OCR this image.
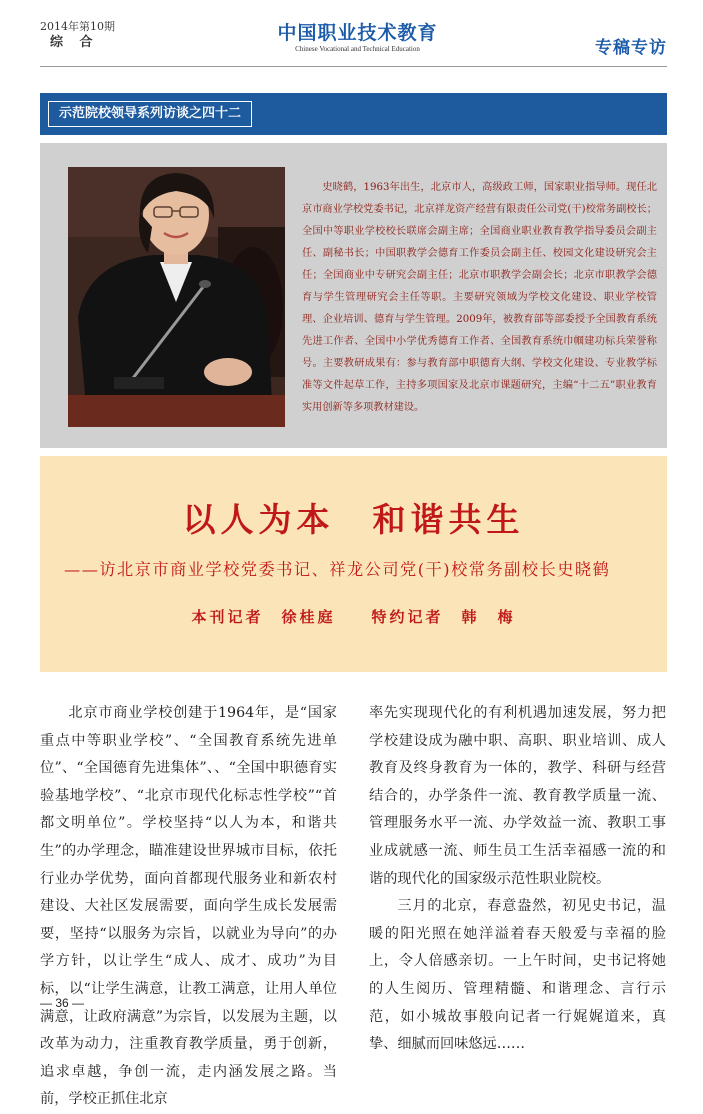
2014年第10期
综 合	中国职业技术教育
Chinese Vocational and Technical Education	专稿专访
示范院校领导系列访谈之四十二
史晓鹤，1963年出生，北京市人，高级政工师，国家职业指导师。现任北京市商业学校党委书记，北京祥龙资产经营有限责任公司党(干)校常务副校长；全国中等职业学校校长联席会副主席；全国商业职业教育教学指导委员会副主任、副秘书长；中国职教学会德育工作委员会副主任、校园文化建设研究会主任；全国商业中专研究会副主任；北京市职教学会副会长；北京市职教学会德育与学生管理研究会主任等职。主要研究领域为学校文化建设、职业学校管理、企业培训、德育与学生管理。2009年，被教育部等部委授予全国教育系统先进工作者、全国中小学优秀德育工作者、全国教育系统巾帼建功标兵荣誉称号。主要教研成果有：参与教育部中职德育大纲、学校文化建设、专业教学标准等文件起草工作，主持多项国家及北京市课题研究，主编“十二五”职业教育实用创新等多项教材建设。
以人为本　和谐共生
——访北京市商业学校党委书记、祥龙公司党(干)校常务副校长史晓鹤
本刊记者　徐桂庭　　特约记者　韩　梅

北京市商业学校创建于1964年，是“国家重点中等职业学校”、“全国教育系统先进单位”、“全国德育先进集体”、、“全国中职德育实验基地学校”、“北京市现代化标志性学校”“首都文明单位”。学校坚持“以人为本，和谐共生”的办学理念，瞄准建设世界城市目标，依托行业办学优势，面向首都现代服务业和新农村建设、大社区发展需要，面向学生成长发展需要，坚持“以服务为宗旨，以就业为导向”的办学方针，以让学生“成人、成才、成功”为目标，以“让学生满意，让教工满意，让用人单位满意，让政府满意”为宗旨，以发展为主题，以改革为动力，注重教育教学质量，勇于创新，追求卓越，争创一流，走内涵发展之路。当前，学校正抓住北京

率先实现现代化的有利机遇加速发展，努力把学校建设成为融中职、高职、职业培训、成人教育及终身教育为一体的，教学、科研与经营结合的，办学条件一流、教育教学质量一流、管理服务水平一流、办学效益一流、教职工事业成就感一流、师生员工生活幸福感一流的和谐的现代化的国家级示范性职业院校。

三月的北京，春意盎然，初见史书记，温暖的阳光照在她洋溢着春天般爱与幸福的脸上，令人倍感亲切。一上午时间，史书记将她的人生阅历、管理精髓、和谐理念、言行示范，如小城故事般向记者一行娓娓道来，真挚、细腻而回味悠远……

— 36 —
